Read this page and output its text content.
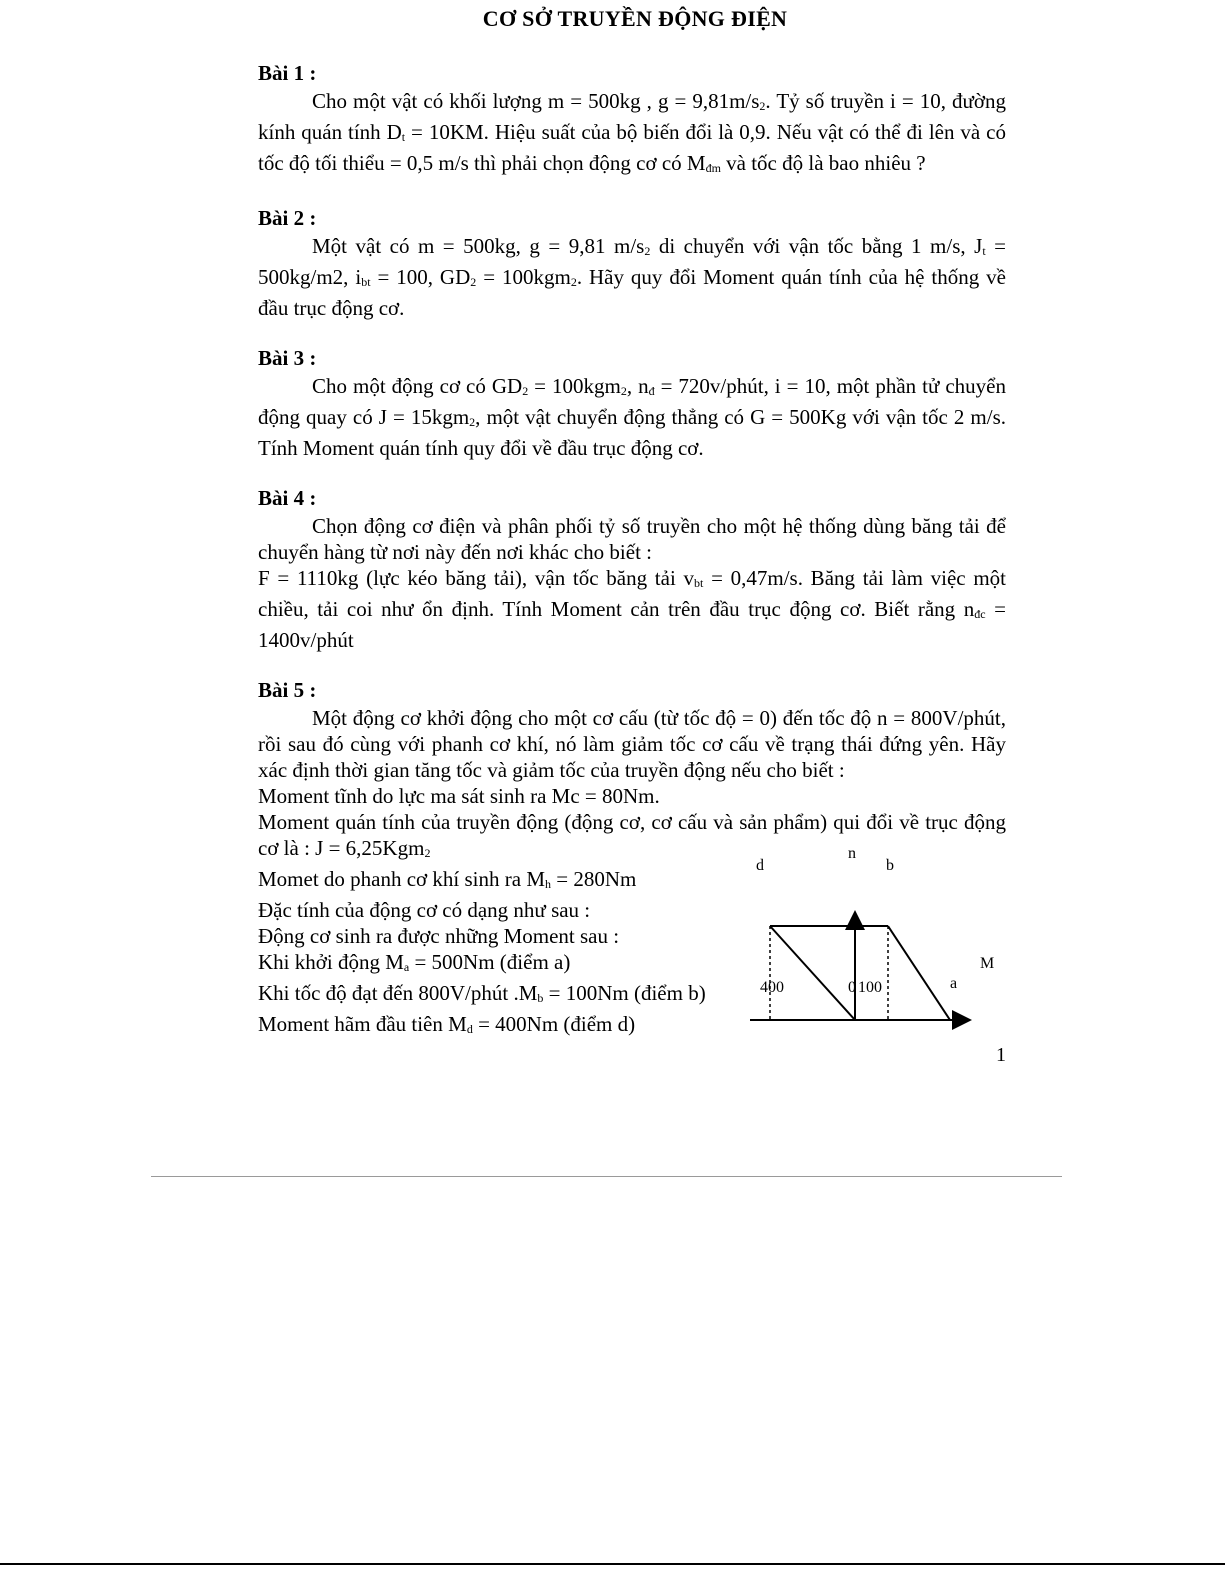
CƠ SỞ TRUYỀN ĐỘNG ĐIỆN
Bài 1 :

Cho một vật có khối lượng m = 500kg , $g = 9,81m/s_2$. Tỷ số truyền i = 10, đường kính quán tính $D_t = 10KM$. Hiệu suất của bộ biến đổi là 0,9. Nếu vật có thể đi lên và có tốc độ tối thiểu = 0,5 m/s thì phải chọn động cơ có $M_{đm}$ và tốc độ là bao nhiêu ?

Bài 2 :

Một vật có m = 500kg, g = 9,81 $m/s_2$ di chuyển với vận tốc bằng 1 m/s, $J_t = 500kg/m2$, $i_{bt} = 100$, $GD_2 = 100kgm_2$. Hãy quy đổi Moment quán tính của hệ thống về đầu trục động cơ.

Bài 3 :

Cho một động cơ có $GD_2 = 100kgm_2$, $n_đ$ = 720v/phút, i = 10, một phần tử chuyển động quay có J = 15kgm$_2$, một vật chuyển động thẳng có G = 500Kg với vận tốc 2 m/s. Tính Moment quán tính quy đổi về đầu trục động cơ.

Bài 4 :

Chọn động cơ điện và phân phối tỷ số truyền cho một hệ thống dùng băng tải để chuyển hàng từ nơi này đến nơi khác cho biết :

F = 1110kg (lực kéo băng tải), vận tốc băng tải $v_{bt} = 0,47m/s$. Băng tải làm việc một chiều, tải coi như ổn định. Tính Moment cản trên đầu trục động cơ. Biết rằng $n_{đc}$ = 1400v/phút

Bài 5 :

Một động cơ khởi động cho một cơ cấu (từ tốc độ = 0) đến tốc độ n = 800V/phút, rồi sau đó cùng với phanh cơ khí, nó làm giảm tốc cơ cấu về trạng thái đứng yên. Hãy xác định thời gian tăng tốc và giảm tốc của truyền động nếu cho biết :

Moment tĩnh do lực ma sát sinh ra Mc = 80Nm.

Moment quán tính của truyền động (động cơ, cơ cấu và sản phẩm) qui đổi về trục động cơ là : J = 6,25Kgm$_2$

Momet do phanh cơ khí sinh ra $M_h = 280Nm$

Đặc tính của động cơ có dạng như sau :

Động cơ sinh ra được những Moment sau :

Khi khởi động $M_a = 500Nm$ (điểm a)

Khi tốc độ đạt đến 800V/phút $.M_b = 100Nm$ (điểm b)

Moment hãm đầu tiên $M_d = 400Nm$ (điểm d)

d
n
b
M
400	0 100	a
1
